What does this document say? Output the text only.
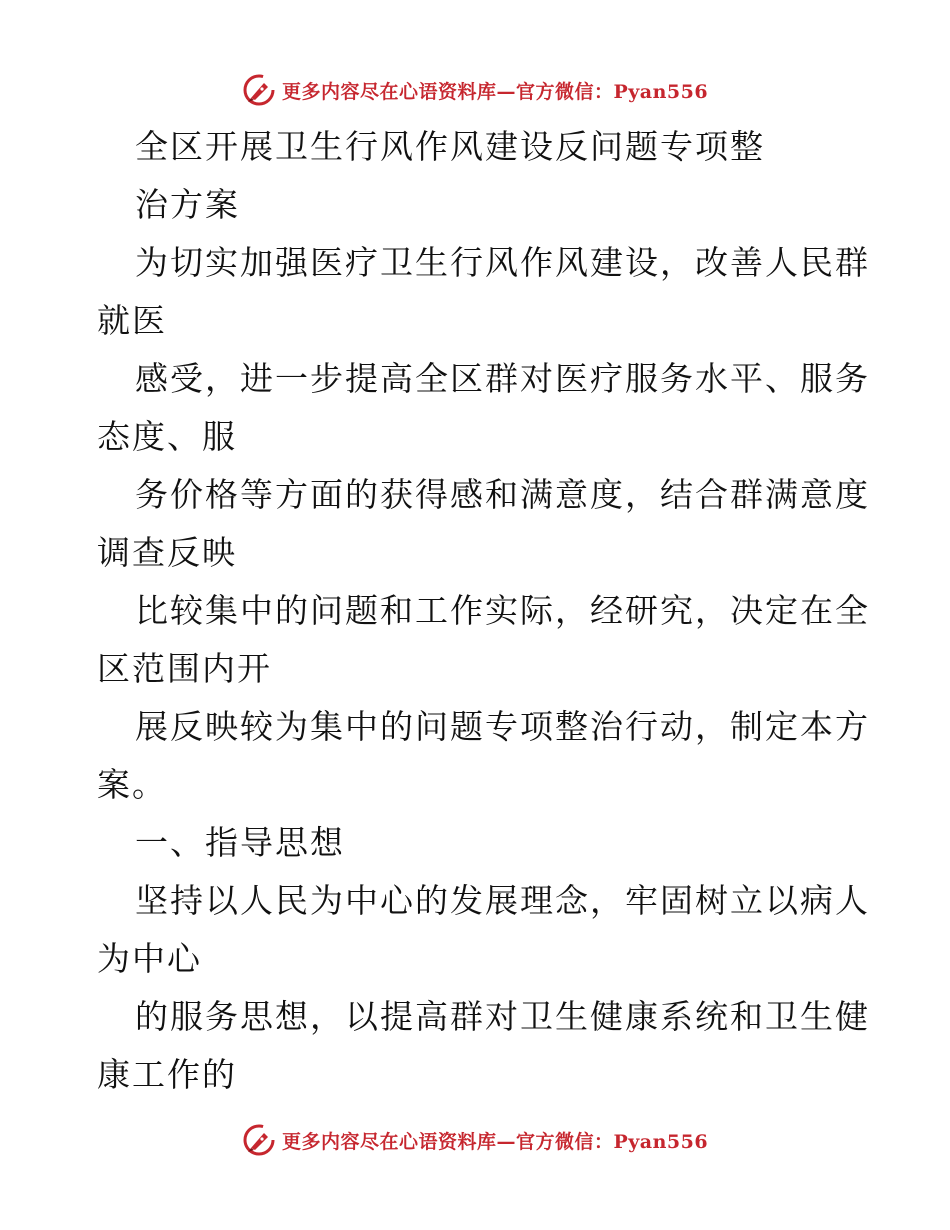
更多内容尽在心语资料库—官方微信：Pyan556
全区开展卫生行风作风建设反问题专项整
治方案
为切实加强医疗卫生行风作风建设，改善人民群
就医
感受，进一步提高全区群对医疗服务水平、服务
态度、服
务价格等方面的获得感和满意度，结合群满意度
调查反映
比较集中的问题和工作实际，经研究，决定在全
区范围内开
展反映较为集中的问题专项整治行动，制定本方
案。
一、指导思想
坚持以人民为中心的发展理念，牢固树立以病人
为中心
的服务思想，以提高群对卫生健康系统和卫生健
康工作的
更多内容尽在心语资料库—官方微信：Pyan556
